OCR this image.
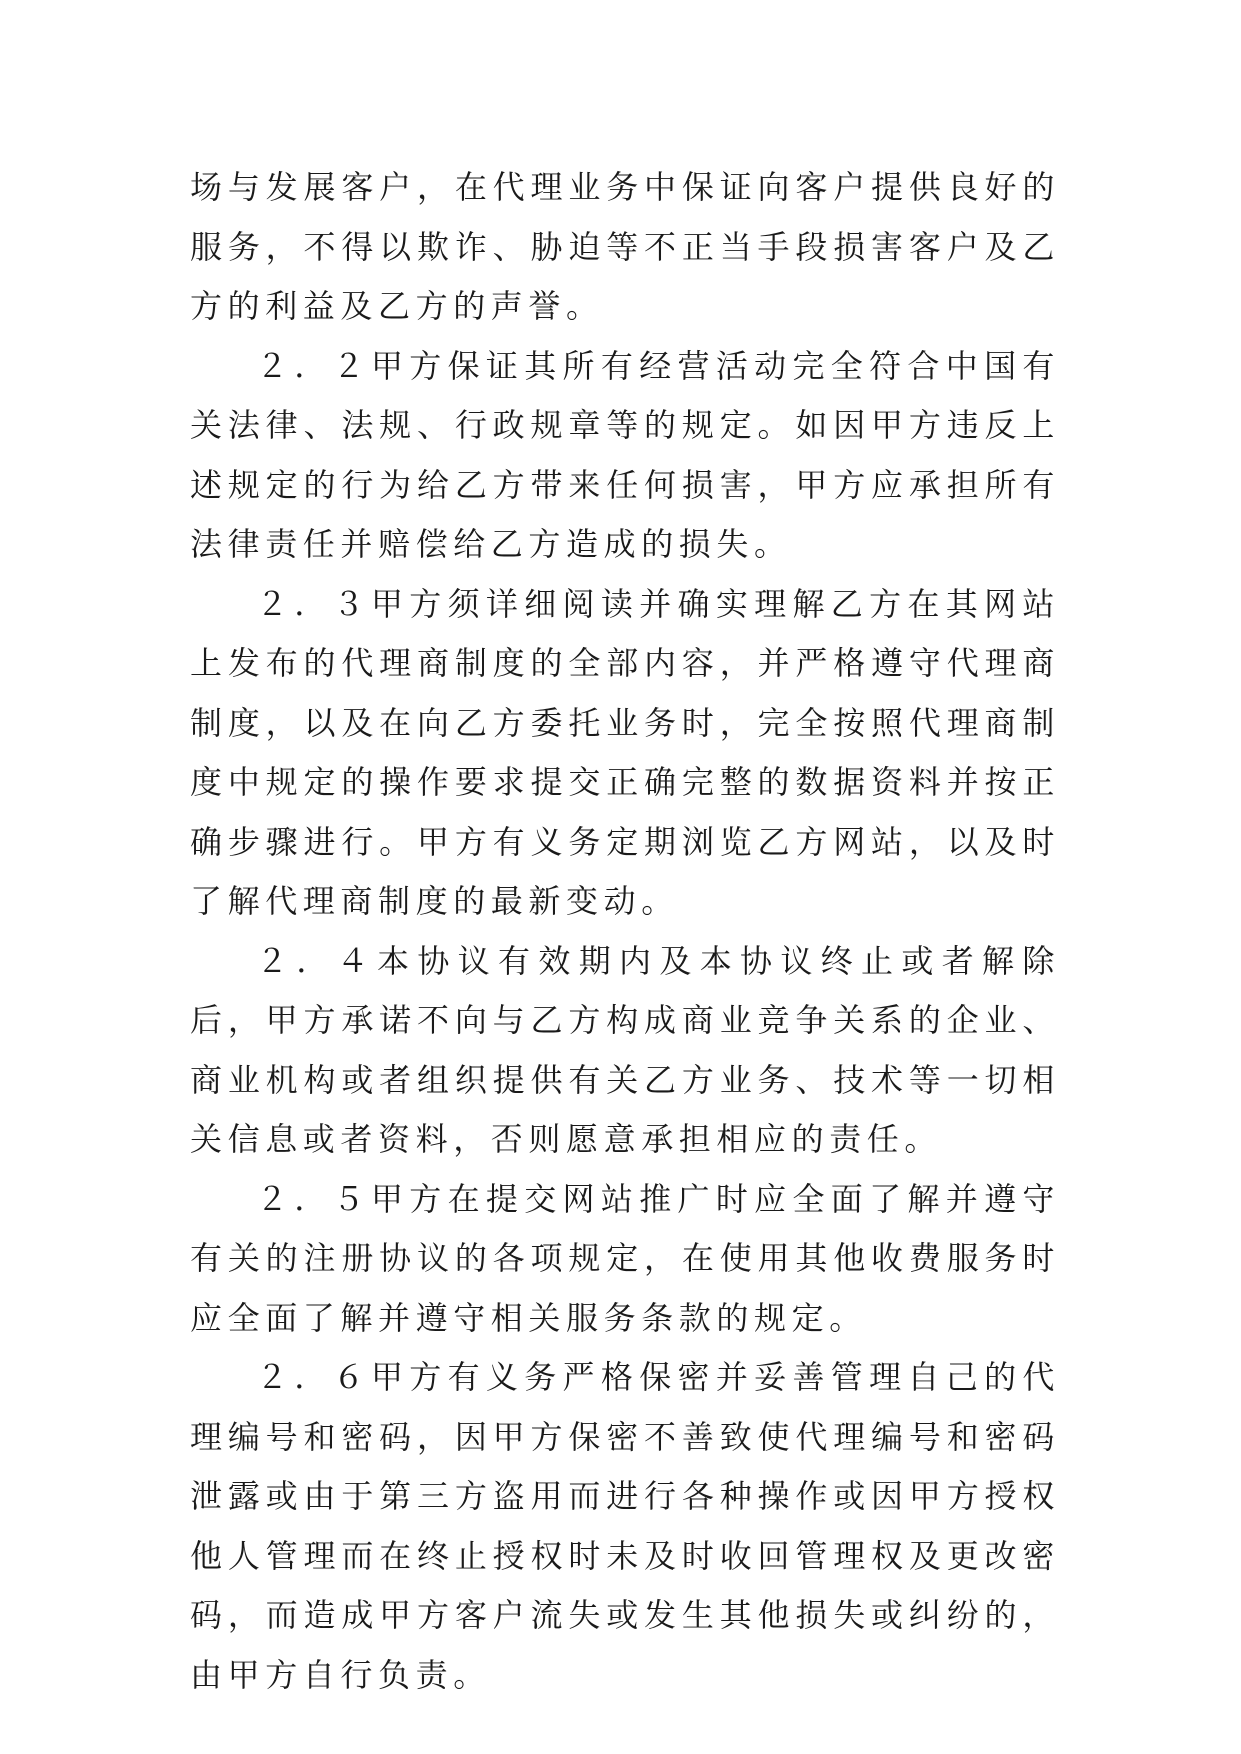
场与发展客户，在代理业务中保证向客户提供良好的服务，不得以欺诈、胁迫等不正当手段损害客户及乙方的利益及乙方的声誉。

２．２甲方保证其所有经营活动完全符合中国有关法律、法规、行政规章等的规定。如因甲方违反上述规定的行为给乙方带来任何损害，甲方应承担所有法律责任并赔偿给乙方造成的损失。

２．３甲方须详细阅读并确实理解乙方在其网站上发布的代理商制度的全部内容，并严格遵守代理商制度，以及在向乙方委托业务时，完全按照代理商制度中规定的操作要求提交正确完整的数据资料并按正确步骤进行。甲方有义务定期浏览乙方网站，以及时了解代理商制度的最新变动。

２．４本协议有效期内及本协议终止或者解除后，甲方承诺不向与乙方构成商业竞争关系的企业、商业机构或者组织提供有关乙方业务、技术等一切相关信息或者资料，否则愿意承担相应的责任。

２．５甲方在提交网站推广时应全面了解并遵守有关的注册协议的各项规定，在使用其他收费服务时应全面了解并遵守相关服务条款的规定。

２．６甲方有义务严格保密并妥善管理自己的代理编号和密码，因甲方保密不善致使代理编号和密码泄露或由于第三方盗用而进行各种操作或因甲方授权他人管理而在终止授权时未及时收回管理权及更改密码，而造成甲方客户流失或发生其他损失或纠纷的，由甲方自行负责。
